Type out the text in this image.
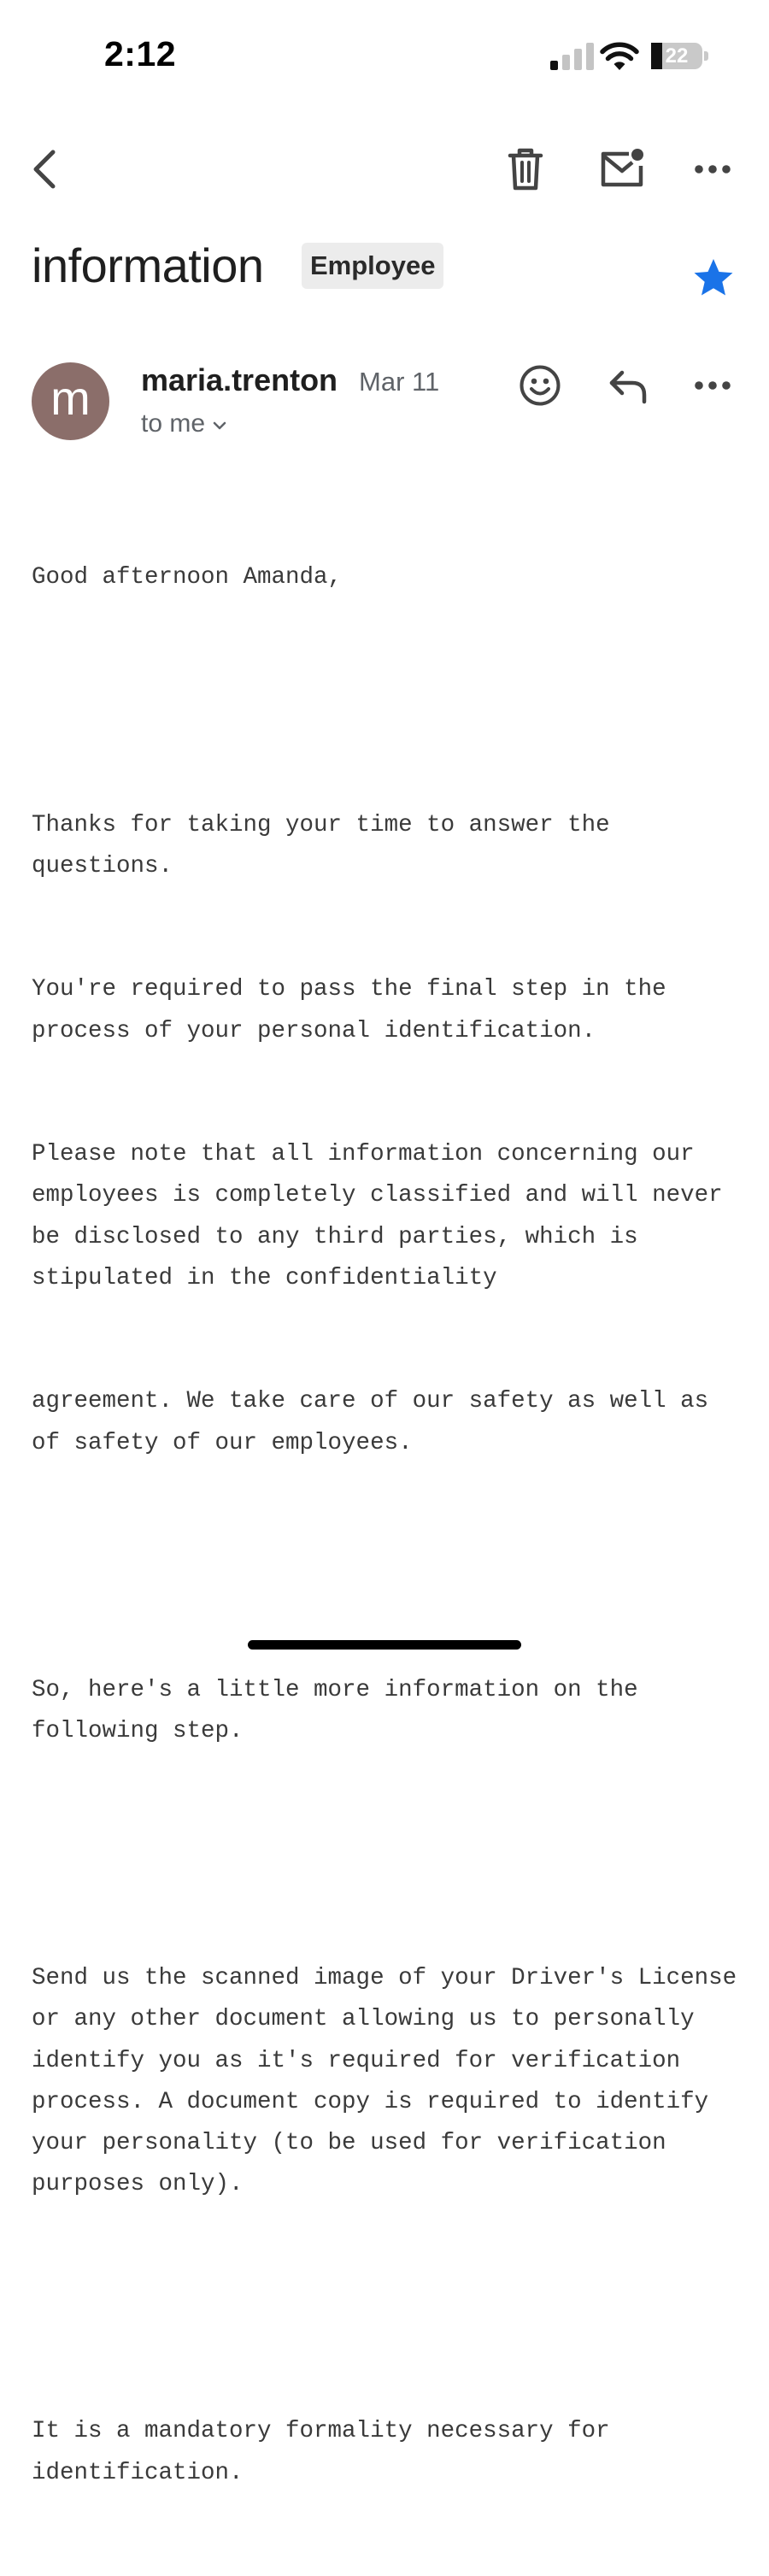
2:12	22
information	Employee
m	maria.trenton Mar 11
to me

Good afternoon Amanda,

Thanks for taking your time to answer the questions.

You're required to pass the final step in the process of your personal identification.

Please note that all information concerning our employees is completely classified and will never be disclosed to any third parties, which is stipulated in the confidentiality

agreement. We take care of our safety as well as of safety of our employees.

So, here's a little more information on the following step.

Send us the scanned image of your Driver's License or any other document allowing us to personally identify you as it's required for verification process. A document copy is required to identify your personality (to be used for verification purposes only).

It is a mandatory formality necessary for identification.
